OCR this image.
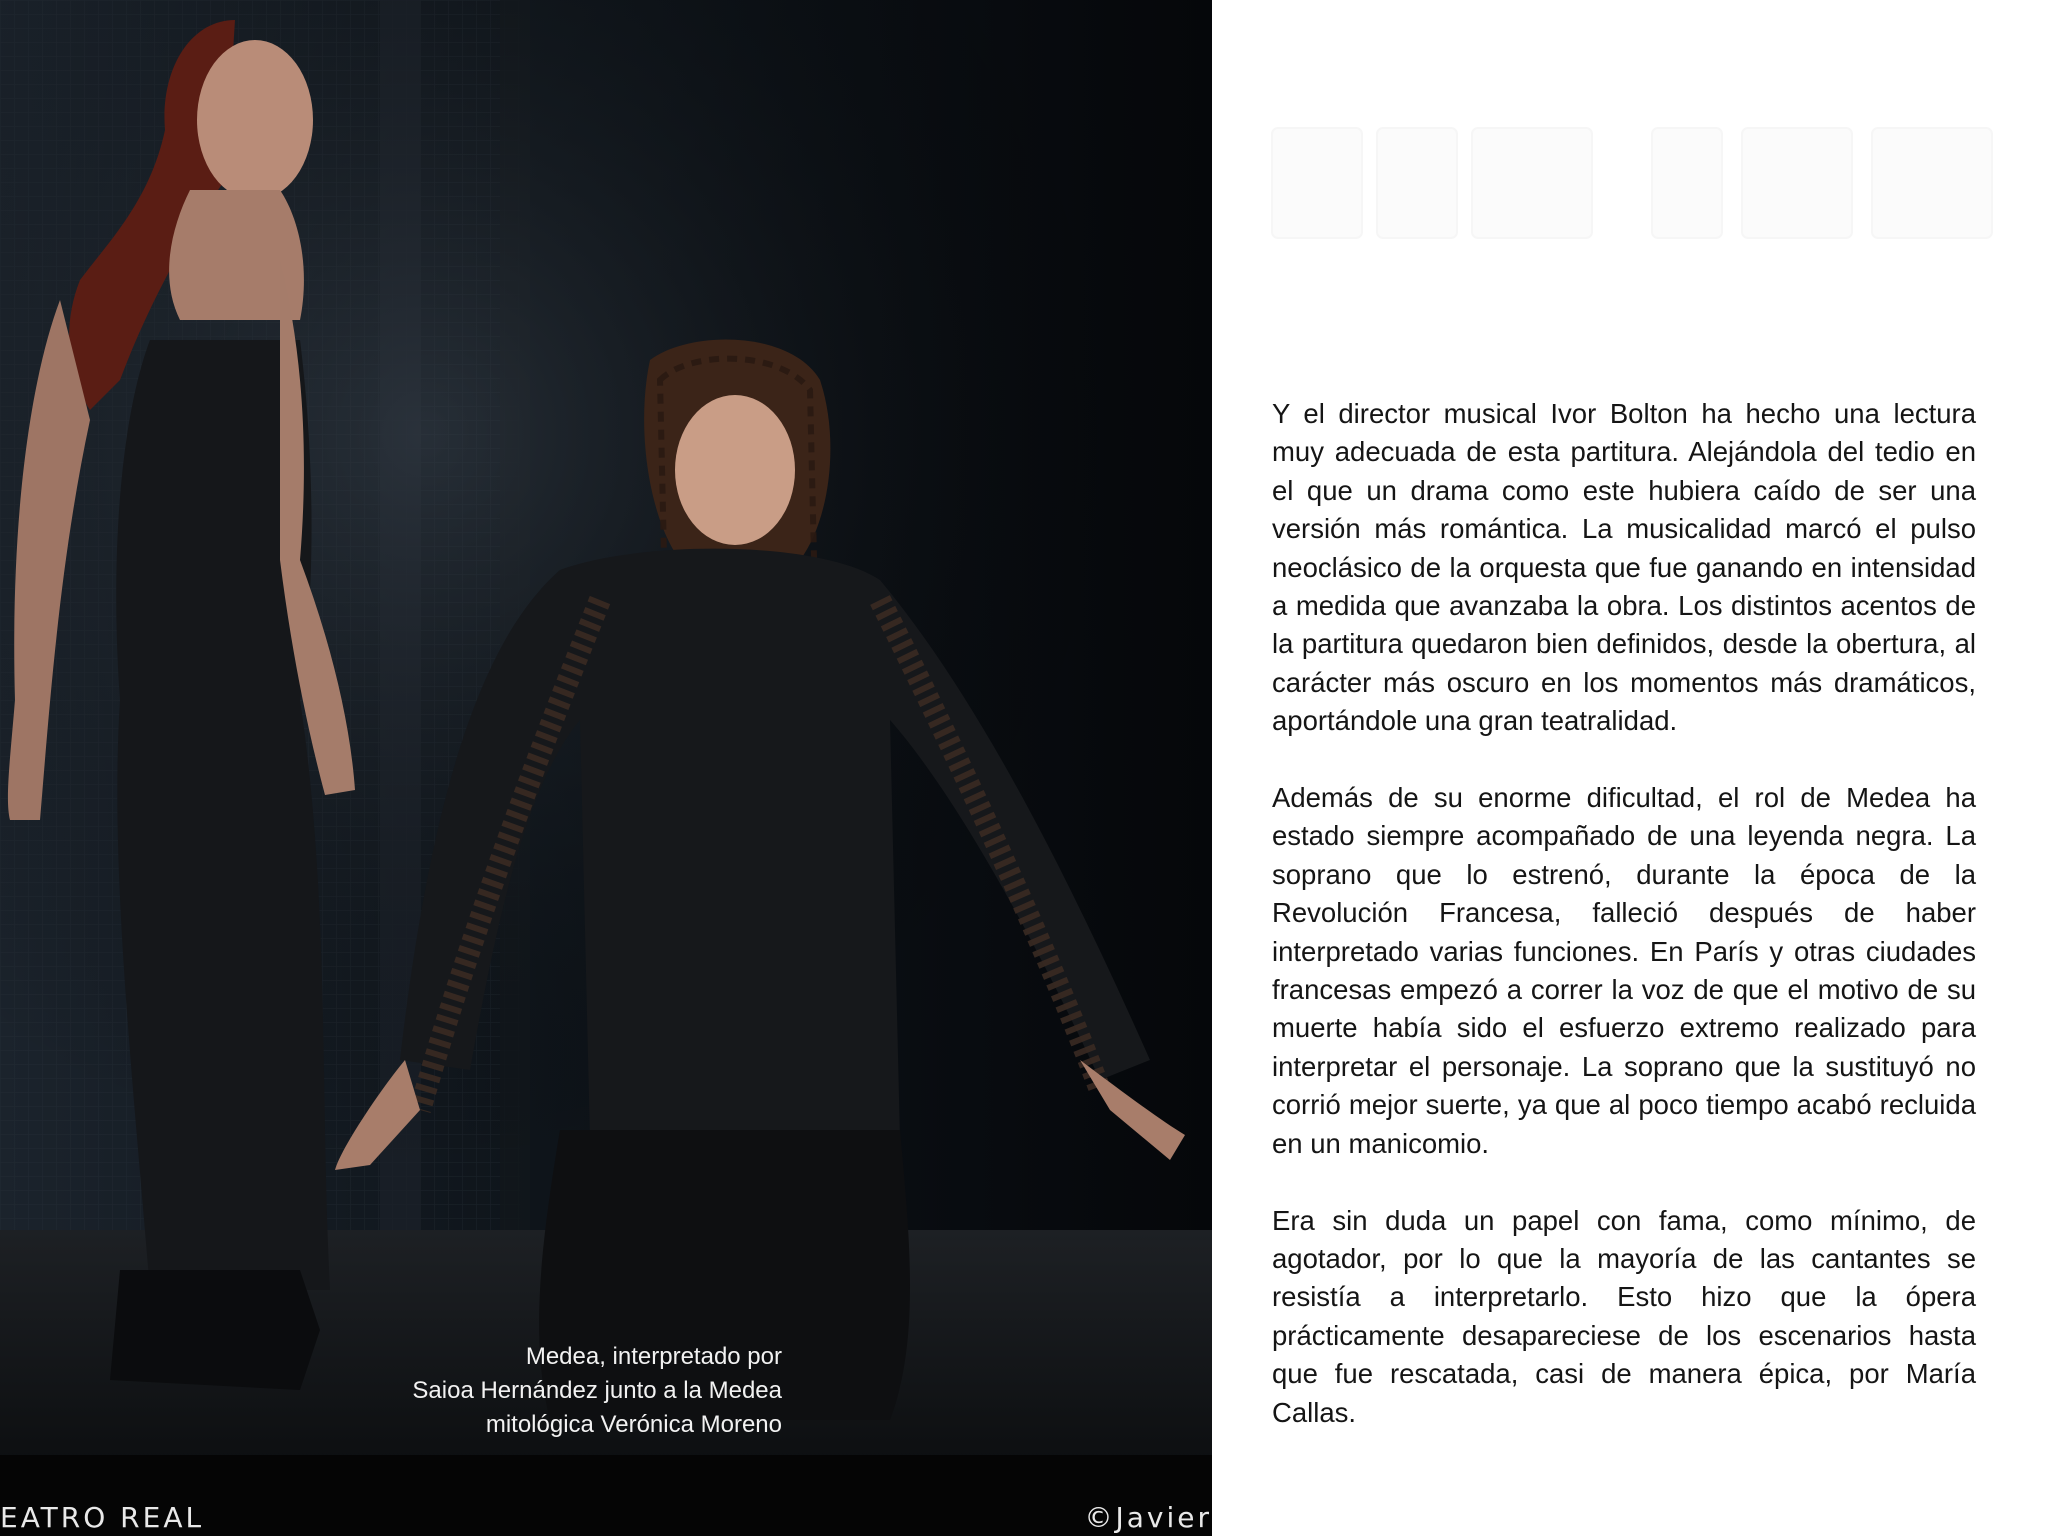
Medea, interpretado por
Saioa Hernández junto a la Medea
mitológica Verónica Moreno
EATRO REAL	©Javier

Y el director musical Ivor Bolton ha hecho una lectura muy adecuada de esta partitura. Alejándola del tedio en el que un drama como este hubiera caído de ser una versión más romántica. La musicalidad marcó el pulso neoclásico de la orquesta que fue ganando en intensidad a medida que avanzaba la obra. Los distintos acentos de la partitura quedaron bien definidos, desde la obertura, al carácter más oscuro en los momentos más dramáticos, aportándole una gran teatralidad.

Además de su enorme dificultad, el rol de Medea ha estado siempre acompañado de una leyenda negra. La soprano que lo estrenó, durante la época de la Revolución Francesa, falleció después de haber interpretado varias funciones. En París y otras ciudades francesas empezó a correr la voz de que el motivo de su muerte había sido el esfuerzo extremo realizado para interpretar el personaje. La soprano que la sustituyó no corrió mejor suerte, ya que al poco tiempo acabó recluida en un manicomio.

Era sin duda un papel con fama, como mínimo, de agotador, por lo que la mayoría de las cantantes se resistía a interpretarlo. Esto hizo que la ópera prácticamente desapareciese de los escenarios hasta que fue rescatada, casi de manera épica, por María Callas.
